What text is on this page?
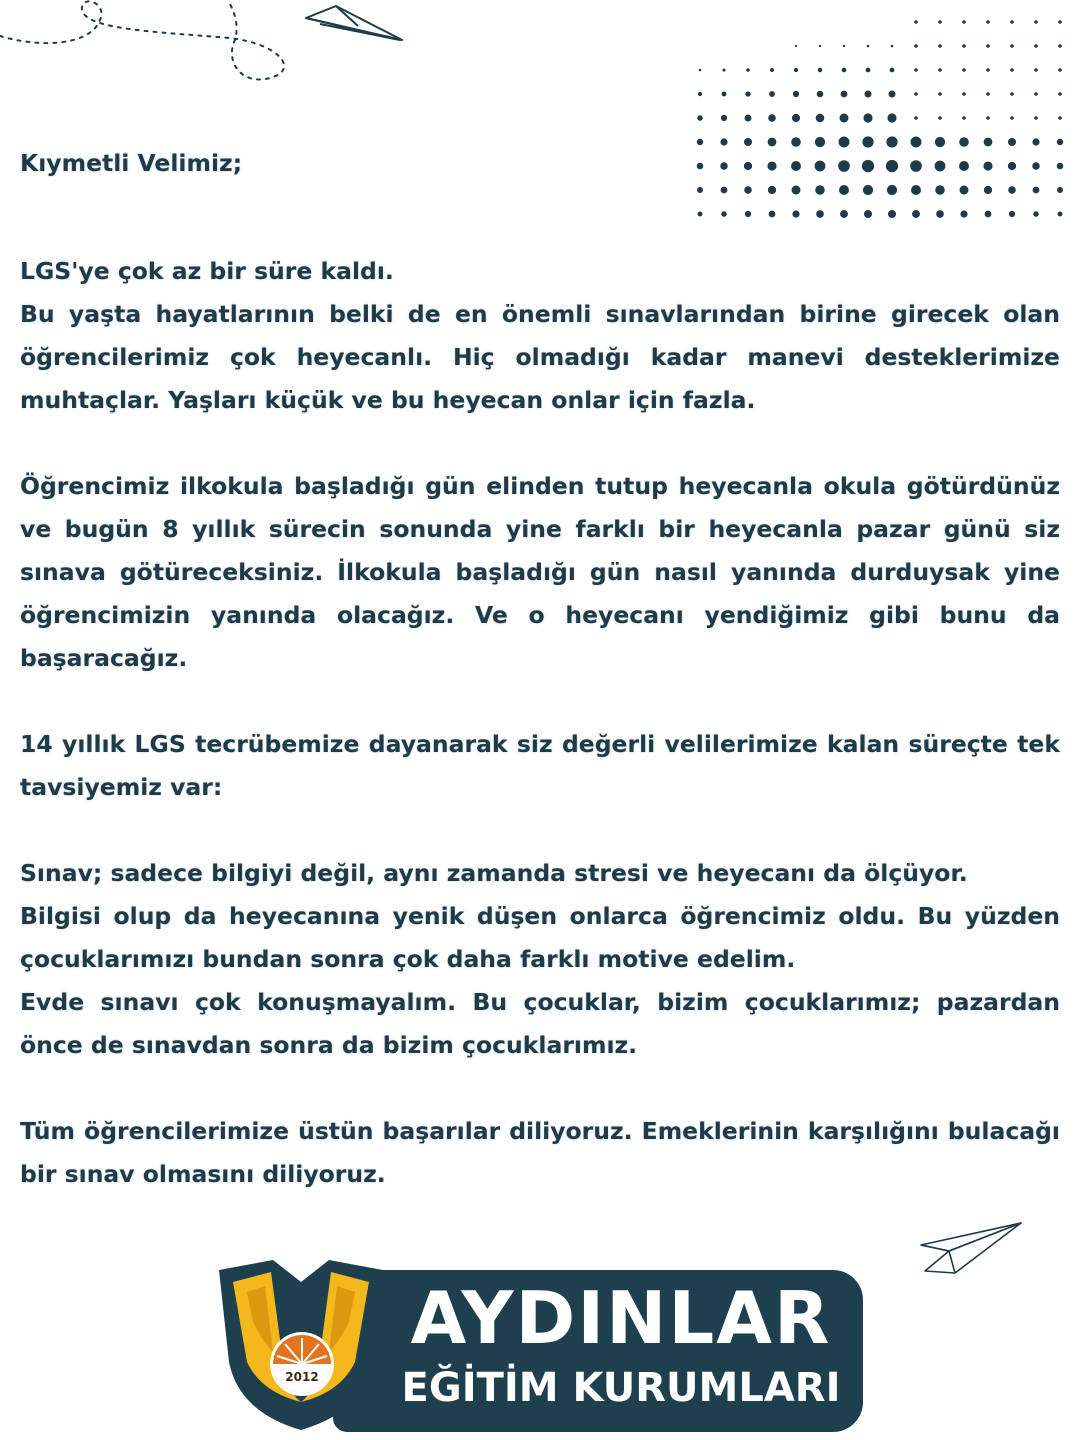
Kıymetli Velimiz;

LGS'ye çok az bir süre kaldı.

Bu yaşta hayatlarının belki de en önemli sınavlarından birine girecek olan öğrencilerimiz çok heyecanlı. Hiç olmadığı kadar manevi desteklerimize muhtaçlar. Yaşları küçük ve bu heyecan onlar için fazla.

Öğrencimiz ilkokula başladığı gün elinden tutup heyecanla okula götürdünüz ve bugün 8 yıllık sürecin sonunda yine farklı bir heyecanla pazar günü siz sınava götüreceksiniz. İlkokula başladığı gün nasıl yanında durduysak yine öğrencimizin yanında olacağız. Ve o heyecanı yendiğimiz gibi bunu da başaracağız.

14 yıllık LGS tecrübemize dayanarak siz değerli velilerimize kalan süreçte tek tavsiyemiz var:

Sınav; sadece bilgiyi değil, aynı zamanda stresi ve heyecanı da ölçüyor.

Bilgisi olup da heyecanına yenik düşen onlarca öğrencimiz oldu. Bu yüzden çocuklarımızı bundan sonra çok daha farklı motive edelim.

Evde sınavı çok konuşmayalım. Bu çocuklar, bizim çocuklarımız; pazardan önce de sınavdan sonra da bizim çocuklarımız.

Tüm öğrencilerimize üstün başarılar diliyoruz. Emeklerinin karşılığını bulacağı bir sınav olmasını diliyoruz.

2012
AYDINLAR
EĞİTİM KURUMLARI
